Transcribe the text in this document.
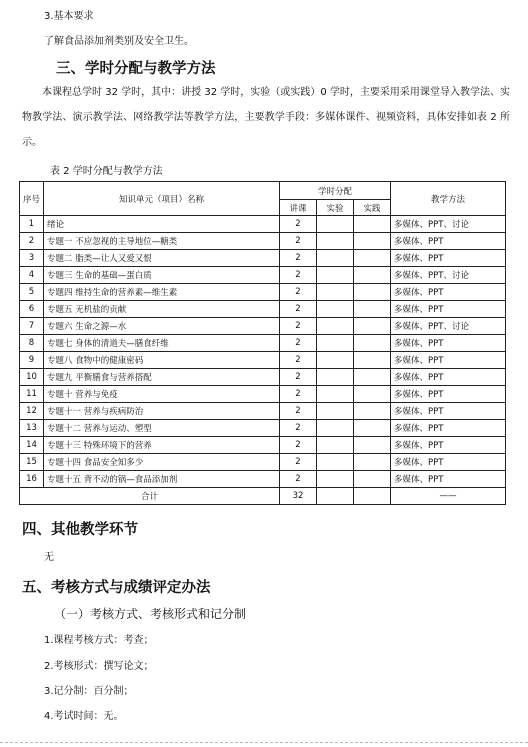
3.基本要求
了解食品添加剂类别及安全卫生。
三、学时分配与教学方法
本课程总学时 32 学时，其中：讲授 32 学时，实验（或实践）0 学时，主要采用采用课堂导入教学法、实物教学法、演示教学法、网络教学法等教学方法，主要教学手段：多媒体课件、视频资料，具体安排如表 2 所示。
表 2 学时分配与教学方法
序号	知识单元（项目）名称	学时分配			教学方法
		讲课	实验	实践	
1	绪论	2			多媒体、PPT、讨论
2	专题一 不应忽视的主导地位—糖类	2			多媒体、PPT
3	专题二 脂类—让人又爱又恨	2			多媒体、PPT
4	专题三 生命的基础—蛋白质	2			多媒体、PPT、讨论
5	专题四 维持生命的营养素—维生素	2			多媒体、PPT
6	专题五 无机盐的贡献	2			多媒体、PPT
7	专题六 生命之源—水	2			多媒体、PPT、讨论
8	专题七 身体的清道夫—膳食纤维	2			多媒体、PPT
9	专题八 食物中的健康密码	2			多媒体、PPT
10	专题九 平衡膳食与营养搭配	2			多媒体、PPT
11	专题十 营养与免疫	2			多媒体、PPT
12	专题十一 营养与疾病防治	2			多媒体、PPT
13	专题十二 营养与运动、塑型	2			多媒体、PPT
14	专题十三 特殊环境下的营养	2			多媒体、PPT
15	专题十四 食品安全知多少	2			多媒体、PPT
16	专题十五 背不动的锅—食品添加剂	2			多媒体、PPT
合计		32			——
四、其他教学环节
无
五、考核方式与成绩评定办法
（一）考核方式、考核形式和记分制
1.课程考核方式：考查；
2.考核形式：撰写论文；
3.记分制：百分制；
4.考试时间：无。
